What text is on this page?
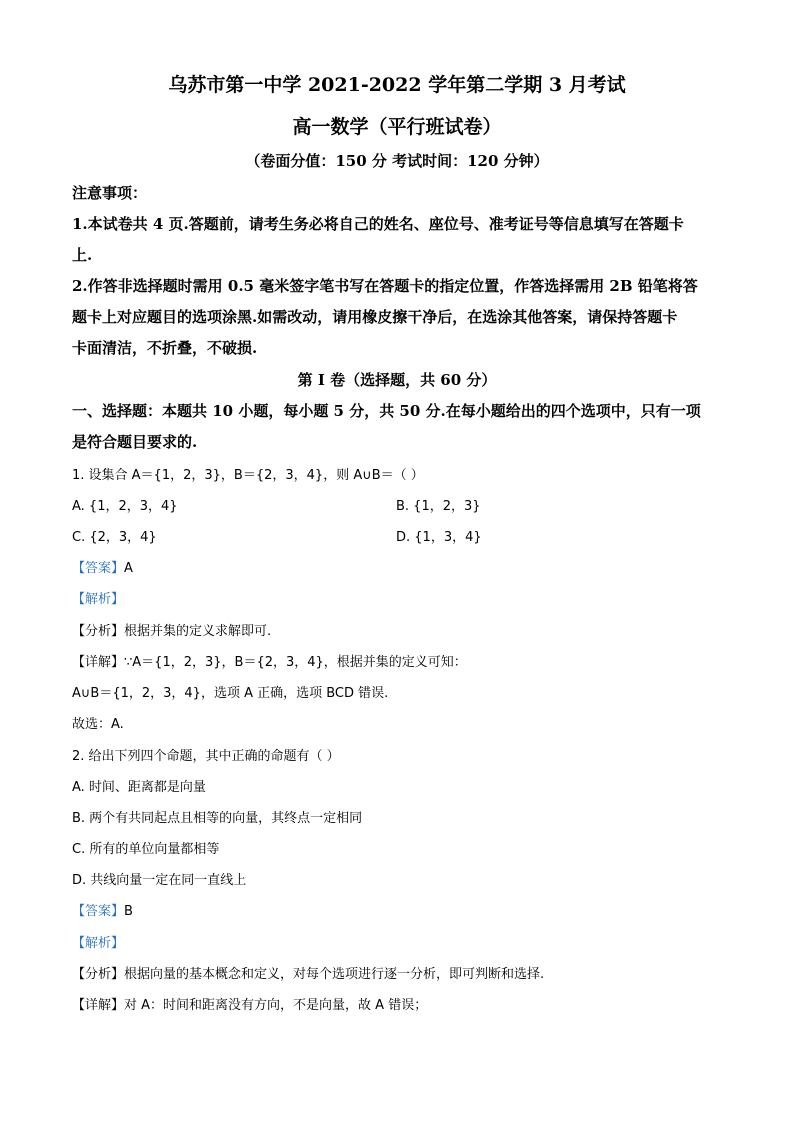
乌苏市第一中学 2021-2022 学年第二学期 3 月考试
高一数学（平行班试卷）
（卷面分值：150 分 考试时间：120 分钟）
注意事项：
1.本试卷共 4 页.答题前，请考生务必将自己的姓名、座位号、准考证号等信息填写在答题卡
上.
2.作答非选择题时需用 0.5 毫米签字笔书写在答题卡的指定位置，作答选择需用 2B 铅笔将答
题卡上对应题目的选项涂黑.如需改动，请用橡皮擦干净后，在选涂其他答案，请保持答题卡
卡面清洁，不折叠，不破损.
第 I 卷（选择题，共 60 分）
一、选择题：本题共 10 小题，每小题 5 分，共 50 分.在每小题给出的四个选项中，只有一项
是符合题目要求的.
1. 设集合 A＝{1，2，3}，B＝{2，3，4}，则 A∪B＝（ ）
A. {1，2，3，4}	B. {1，2，3}
C. {2，3，4}	D. {1，3，4}
【答案】A
【解析】
【分析】根据并集的定义求解即可.
【详解】∵A＝{1，2，3}，B＝{2，3，4}，根据并集的定义可知：
A∪B＝{1，2，3，4}，选项 A 正确，选项 BCD 错误.
故选：A.
2. 给出下列四个命题，其中正确的命题有（ ）
A. 时间、距离都是向量
B. 两个有共同起点且相等的向量，其终点一定相同
C. 所有的单位向量都相等
D. 共线向量一定在同一直线上
【答案】B
【解析】
【分析】根据向量的基本概念和定义，对每个选项进行逐一分析，即可判断和选择.
【详解】对 A：时间和距离没有方向，不是向量，故 A 错误；
